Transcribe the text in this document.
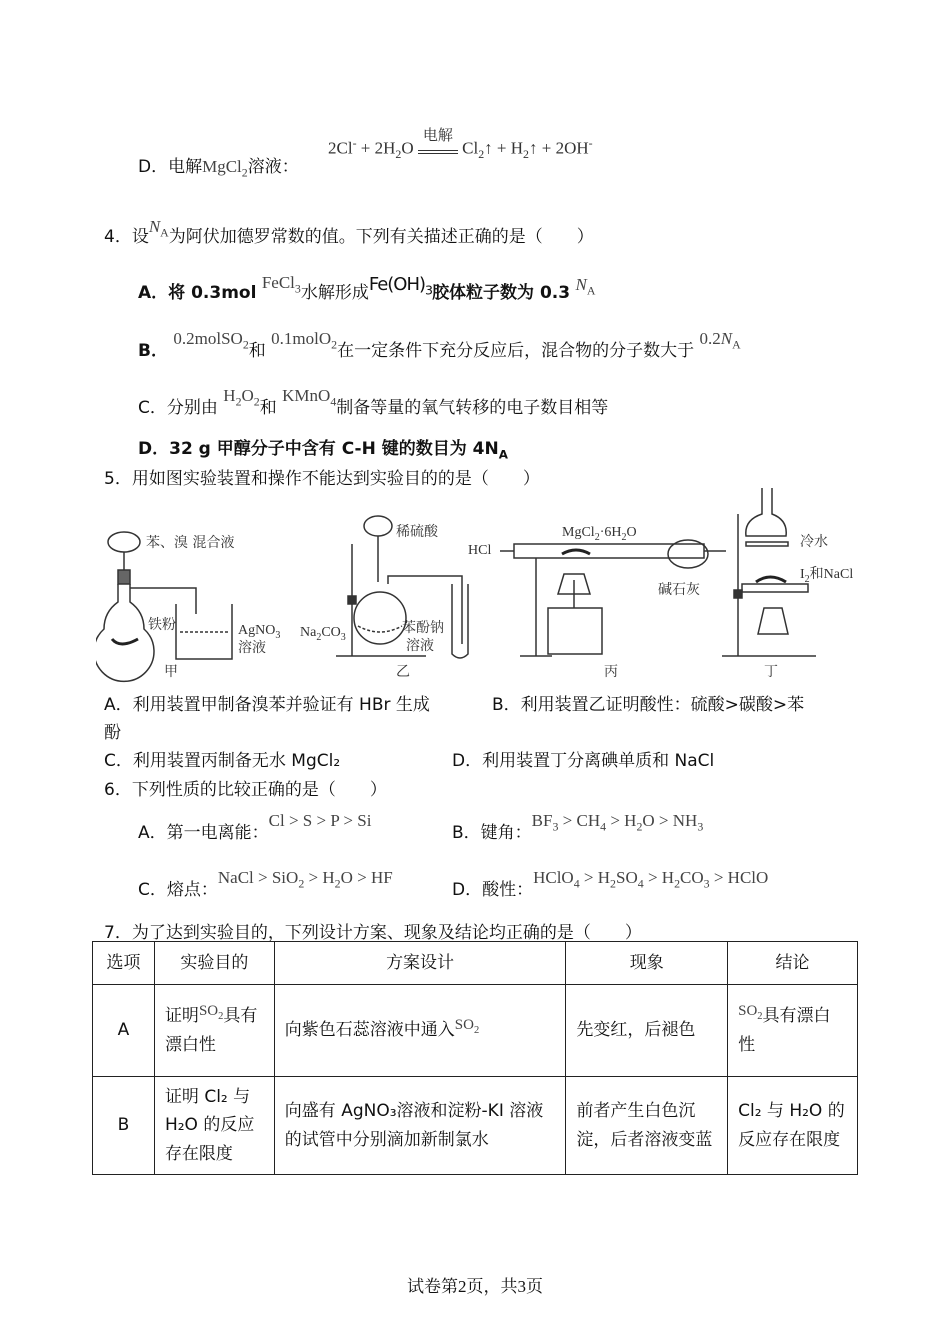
D．电解MgCl$_2$溶液：
$2Cl^- + 2H_2O$
电解
$Cl_2↑$ + $H_2↑ + 2OH^-$
4．设$N_A$为阿伏加德罗常数的值。下列有关描述正确的是（　　）
A．将 0.3mol FeCl$_3$水解形成$Fe(OH)_3$胶体粒子数为 0.3 $N_A$
B． 0.2molSO$_2$和 0.1molO$_2$在一定条件下充分反应后，混合物的分子数大于 $0.2N_A$
C．分别由 $H_2O_2$和 KMnO$_4$制备等量的氧气转移的电子数目相等
D．32 g 甲醇分子中含有 C-H 键的数目为 $4N_A$
5．用如图实验装置和操作不能达到实验目的的是（　　）
苯、溴 混合液
铁粉	AgNO$_3$
溶液
甲
稀硫酸
$Na_2CO_3$
苯酚钠
溶液
乙
HCl
$MgCl_2\cdot 6H_2O$
碱石灰
丙
冷水
$I_2$和NaCl
丁
A．利用装置甲制备溴苯并验证有 HBr 生成	B．利用装置乙证明酸性：硫酸>碳酸>苯
酚
C．利用装置丙制备无水 MgCl₂	D．利用装置丁分离碘单质和 NaCl
6．下列性质的比较正确的是（　　）
A．第一电离能：Cl > S > P > Si
B．键角：$BF_3 > CH_4 > H_2O > NH_3$
C．熔点：NaCl > $SiO_2 > H_2O$ > HF
D．酸性：HClO$_4$ > $H_2SO_4 > H_2CO_3$ > HClO
7．为了达到实验目的，下列设计方案、现象及结论均正确的是（　　）
选项	实验目的	方案设计	现象	结论
A	证明$SO_2$具有漂白性	向紫色石蕊溶液中通入$SO_2$	先变红，后褪色	$SO_2$具有漂白性
B	证明 Cl₂ 与 H₂O 的反应存在限度	向盛有 AgNO₃溶液和淀粉-KI 溶液的试管中分别滴加新制氯水	前者产生白色沉淀，后者溶液变蓝	Cl₂ 与 H₂O 的反应存在限度
试卷第2页，共3页
